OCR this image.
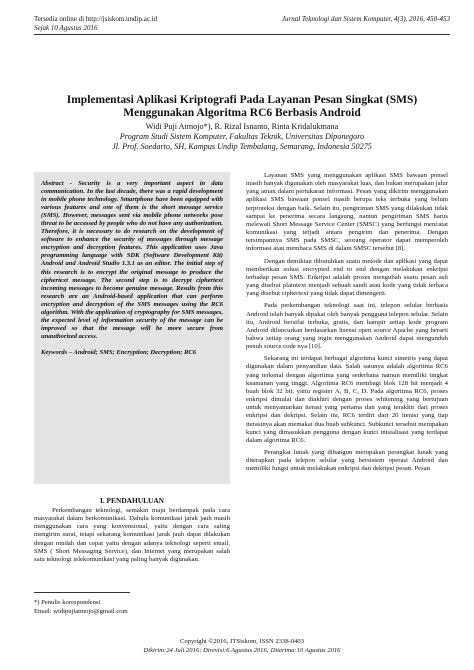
Tersedia online di http://jsiskom.undip.ac.id
Sejak 10 Agustus 2016
Jurnal Teknologi dan Sistem Komputer, 4(3), 2016, 450-453
Implementasi Aplikasi Kriptografi Pada Layanan Pesan Singkat (SMS)
Menggunakan Algoritma RC6 Berbasis Android
Widi Puji Atmojo*), R. Rizal Isnanto, Rinta Kridalukmana
Program Studi Sistem Komputer, Fakultas Teknik, Universitas Diponegoro
Jl. Prof. Soedarto, SH, Kampus Undip Tembalang, Semarang, Indonesia 50275
Abstract - Security is a very important aspect in data communication. In the last decade, there was a rapid development in mobile phone technology. Smartphone have been equipped with various features and one of them is the short message service (SMS). However, messages sent via mobile phone networks pose threat to be accessed by people who do not have any authorization. Therefore, it is necessary to do research on the development of software to enhance the security of messages through message encryption and decryption features. This application uses Java programming language with SDK (Software Development Kit) Android and Android Studio 1.3.1 as an editor. The initial step of this research is to encrypt the original message to produce the ciphertext message. The second step is to decrypt ciphertext incoming messages to become genuine message. Results from this research are an Android-based application that can perform encryption and decryption of the SMS messages using the RC6 algorithm. With the application of cryptography for SMS messages, the expected level of information security of the message can be improved so that the message will be more secure from unauthorized access.
Keywords – Android; SMS; Encryption; Decryption; RC6
I. PENDAHULUAN

Perkembangan teknologi, semakin maju berdampak pada cara masyarakat dalam berkomunikasi. Dahulu komunikasi jarak jauh masih menggunakan cara yang konvensional, yaitu dengan cara saling mengirim surat, tetapi sekarang komunikasi jarak jauh dapat dilakukan dengan mudah dan cepat yaitu dengan adanya teknologi seperti email, SMS ( Short Messaging Service), dan Internet yang merupakan salah satu teknologi telekomunikasi yang paling banyak digunakan.

Layanan SMS yang menggunakan aplikasi SMS bawaan ponsel masih banyak digunakan oleh masyarakat luas, dan bukan merupakan jalur yang aman dalam pertukaran informasi. Pesan yang dikirim menggunakan aplikasi SMS bawaan ponsel masih berupa teks terbuka yang belum terproteksi dengan baik. Selain itu, pengiriman SMS yang dilakukan tidak sampai ke penerima secara langsung, namun pengiriman SMS harus melewati Short Message Service Center (SMSC) yang berfungsi mencatat komunikasi yang terjadi antara pengirim dan penerima. Dengan tersimpannya SMS pada SMSC, seorang operator dapat memperoleh informasi atau membaca SMS di dalam SMSC tersebut [8].

Dengan demikian dibutuhkan suatu metode dan aplikasi yang dapat memberikan solusi encrypted end to end dengan melakukan enkripsi terhadap pesan SMS. Enkripsi adalah proses mengubah suatu pesan asli yang disebut plaintext menjadi sebuah sandi atau kode yang tidak terbaca yang disebut ciphertext yang tidak dapat dimengerti.

Pada perkembangan teknologi saat ini, telepon selular berbasis Android telah banyak dipakai oleh banyak pengguna telepon selular. Selain itu, Android bersifat terbuka, gratis, dan hampir setiap kode program Android diluncurkan berdasarkan lisensi open source Apache yang berarti bahwa setiap orang yang ingin menggunakan Android dapat mengunduh penuh source code nya [10].

Sekarang ini terdapat berbagai algoritma kunci simetris yang dapat digunakan dalam penyandian data. Salah satunya adalah algoritma RC6 yang terkenal dengan algoritma yang sederhana namun memiliki tingkat keamanan yang tinggi. Algoritma RC6 membagi blok 128 bit menjadi 4 buah blok 32 bit, yaitu register A, B, C, D. Pada algoritma RC6, proses enkripsi dimulai dan diakhiri dengan proses whitening yang bertujuan untuk menyamarkan iterasi yang pertama dan yang terakhir dari proses enkripsi dan dekripsi. Selain itu, RC6 terdiri dari 20 iterasi yang tiap iterasinya akan memakai dua buah subkunci. Subkunci tersebut merupakan kunci yang dimasukkan pengguna dengan kunci inisialisasi yang terdapat dalam algoritma RC6.

Perangkat lunak yang dibangun merupakan perangkat lunak yang diterapkan pada telepon selular yang bersistem operasi Android dan memiliki fungsi untuk melakukan enkripsi dan dekripsi pesan. Pesan

*) Penulis korespondensi
Email: widipujiatmojo@gmail.com
Copyright ©2016, JTSiskom, ISSN 2338-0403
Dikirim:24 Juli 2016; Direvisi:6 Agustus 2016; Diterima:10 Agustus 2016
